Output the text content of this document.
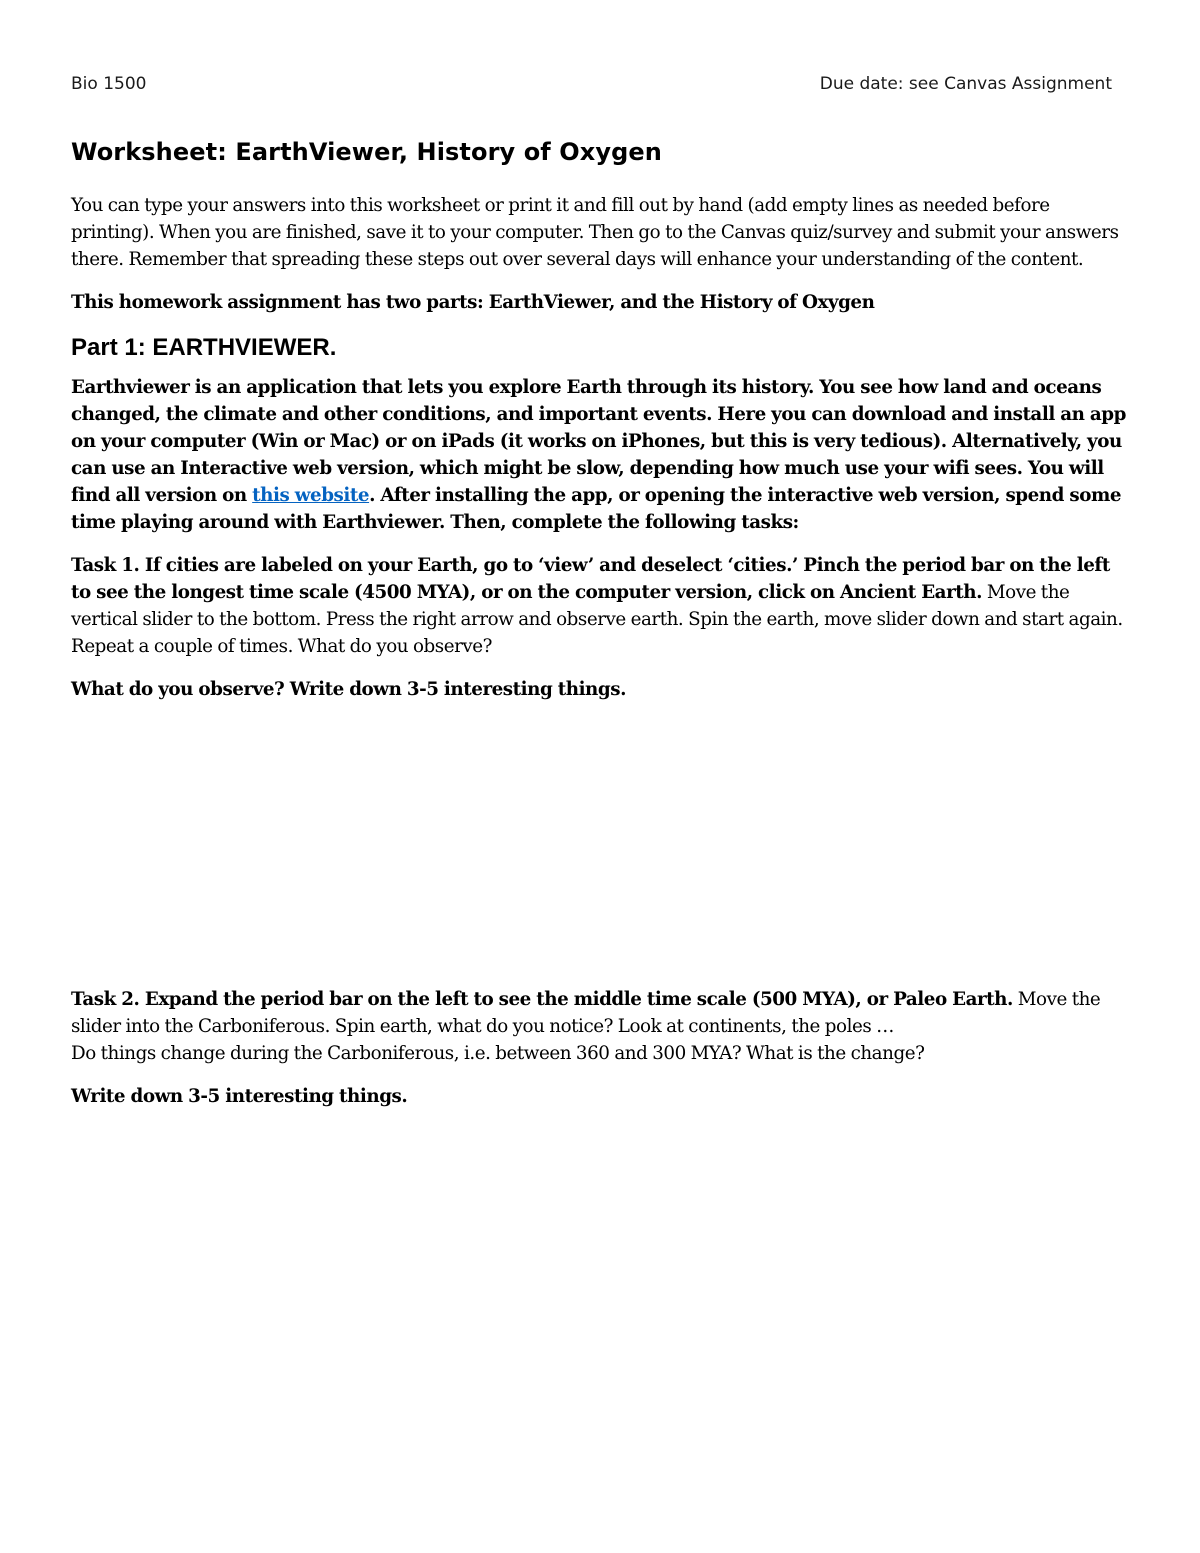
Bio 1500	Due date: see Canvas Assignment
Worksheet: EarthViewer, History of Oxygen
You can type your answers into this worksheet or print it and fill out by hand (add empty lines as needed before printing). When you are finished, save it to your computer. Then go to the Canvas quiz/survey and submit your answers there. Remember that spreading these steps out over several days will enhance your understanding of the content.
This homework assignment has two parts: EarthViewer, and the History of Oxygen
Part 1: EARTHVIEWER.
Earthviewer is an application that lets you explore Earth through its history. You see how land and oceans changed, the climate and other conditions, and important events. Here you can download and install an app on your computer (Win or Mac) or on iPads (it works on iPhones, but this is very tedious). Alternatively, you can use an Interactive web version, which might be slow, depending how much use your wifi sees. You will find all version on this website. After installing the app, or opening the interactive web version, spend some time playing around with Earthviewer. Then, complete the following tasks:
Task 1. If cities are labeled on your Earth, go to ‘view’ and deselect ‘cities.’ Pinch the period bar on the left to see the longest time scale (4500 MYA), or on the computer version, click on Ancient Earth. Move the vertical slider to the bottom. Press the right arrow and observe earth. Spin the earth, move slider down and start again. Repeat a couple of times. What do you observe?
What do you observe? Write down 3-5 interesting things.
Task 2. Expand the period bar on the left to see the middle time scale (500 MYA), or Paleo Earth. Move the slider into the Carboniferous. Spin earth, what do you notice? Look at continents, the poles …
Do things change during the Carboniferous, i.e. between 360 and 300 MYA? What is the change?
Write down 3-5 interesting things.
